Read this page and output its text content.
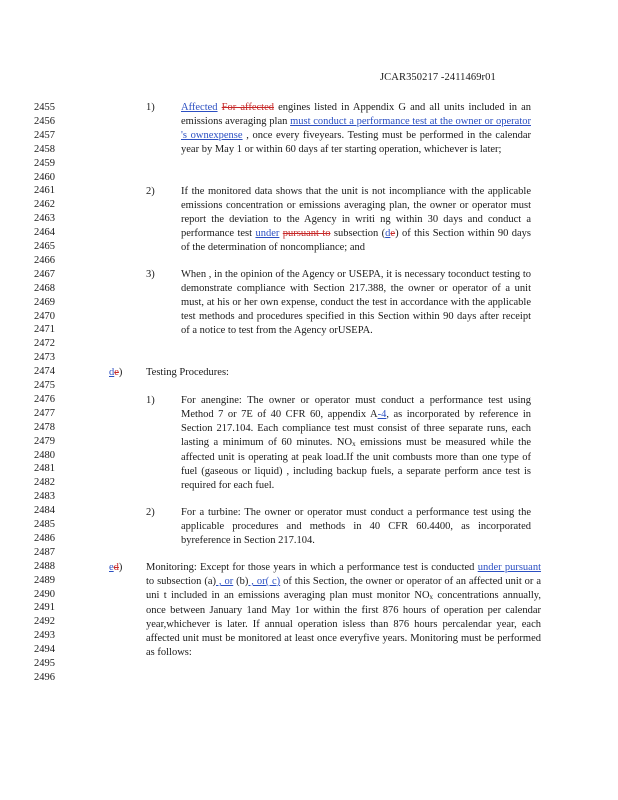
JCAR350217 -2411469r01
2455
2456
2457
2458
2459
2460
2461
2462
2463
2464
2465
2466
2467
2468
2469
2470
2471
2472
2473
2474
2475
2476
2477
2478
2479
2480
2481
2482
2483
2484
2485
2486
2487
2488
2489
2490
2491
2492
2493
2494
2495
2496
1)	Affected For affected engines listed in Appendix G and all units included in an emissions averaging plan must conduct a performance test at the owner or operator 's ownexpense , once every fiveyears. Testing must be performed in the calendar year by May 1 or within 60 days af ter starting operation, whichever is later;
2)	If the monitored data shows that the unit is not incompliance with the applicable emissions concentration or emissions averaging plan, the owner or operator must report the deviation to the Agency in writi ng within 30 days and conduct a performance test under pursuant to subsection (de) of this Section within 90 days of the determination of noncompliance; and
3)	When , in the opinion of the Agency or USEPA, it is necessary toconduct testing to demonstrate compliance with Section 217.388, the owner or operator of a unit must, at his or her own expense, conduct the test in accordance with the applicable test methods and procedures specified in this Section within 90 days after receipt of a notice to test from the Agency orUSEPA.
de) Testing Procedures:
1)	For anengine: The owner or operator must conduct a performance test using Method 7 or 7E of 40 CFR 60, appendix A-4, as incorporated by reference in Section 217.104. Each compliance test must consist of three separate runs, each lasting a minimum of 60 minutes. $NO_x$ emissions must be measured while the affected unit is operating at peak load.If the unit combusts more than one type of fuel (gaseous or liquid) , including backup fuels, a separate perform ance test is required for each fuel.
2)	For a turbine: The owner or operator must conduct a performance test using the applicable procedures and methods in 40 CFR 60.4400, as incorporated byreference in Section 217.104.
ed) Monitoring: Except for those years in which a performance test is conducted under pursuant to subsection (a) , or (b) , or( c) of this Section, the owner or operator of an affected unit or a uni t included in an emissions averaging plan must monitor $NO_x$ concentrations annually, once between January 1and May 1or within the first 876 hours of operation per calendar year,whichever is later. If annual operation isless than 876 hours percalendar year, each affected unit must be monitored at least once everyfive years. Monitoring must be performed as follows:
